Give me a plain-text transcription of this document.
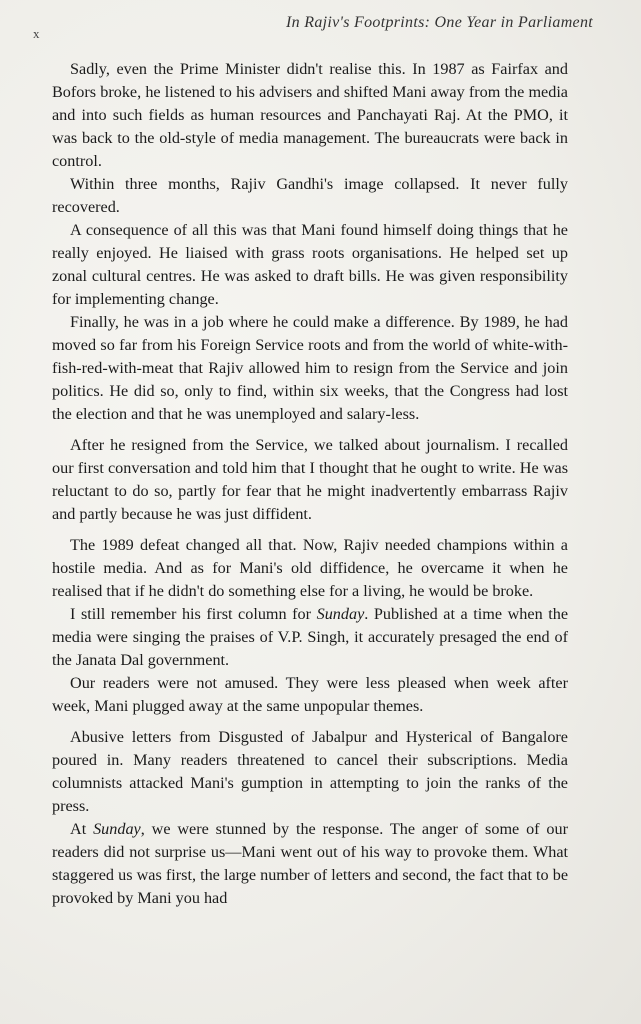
In Rajiv's Footprints: One Year in Parliament
x

Sadly, even the Prime Minister didn't realise this. In 1987 as Fairfax and Bofors broke, he listened to his advisers and shifted Mani away from the media and into such fields as human resources and Panchayati Raj. At the PMO, it was back to the old-style of media management. The bureaucrats were back in control.

Within three months, Rajiv Gandhi's image collapsed. It never fully recovered.

A consequence of all this was that Mani found himself doing things that he really enjoyed. He liaised with grass roots organisations. He helped set up zonal cultural centres. He was asked to draft bills. He was given responsibility for implementing change.

Finally, he was in a job where he could make a difference. By 1989, he had moved so far from his Foreign Service roots and from the world of white-with-fish-red-with-meat that Rajiv allowed him to resign from the Service and join politics. He did so, only to find, within six weeks, that the Congress had lost the election and that he was unemployed and salary-less.

After he resigned from the Service, we talked about journalism. I recalled our first conversation and told him that I thought that he ought to write. He was reluctant to do so, partly for fear that he might inadvertently embarrass Rajiv and partly because he was just diffident.

The 1989 defeat changed all that. Now, Rajiv needed champions within a hostile media. And as for Mani's old diffidence, he overcame it when he realised that if he didn't do something else for a living, he would be broke.

I still remember his first column for Sunday. Published at a time when the media were singing the praises of V.P. Singh, it accurately presaged the end of the Janata Dal government.

Our readers were not amused. They were less pleased when week after week, Mani plugged away at the same unpopular themes.

Abusive letters from Disgusted of Jabalpur and Hysterical of Bangalore poured in. Many readers threatened to cancel their subscriptions. Media columnists attacked Mani's gumption in attempting to join the ranks of the press.

At Sunday, we were stunned by the response. The anger of some of our readers did not surprise us—Mani went out of his way to provoke them. What staggered us was first, the large number of letters and second, the fact that to be provoked by Mani you had
